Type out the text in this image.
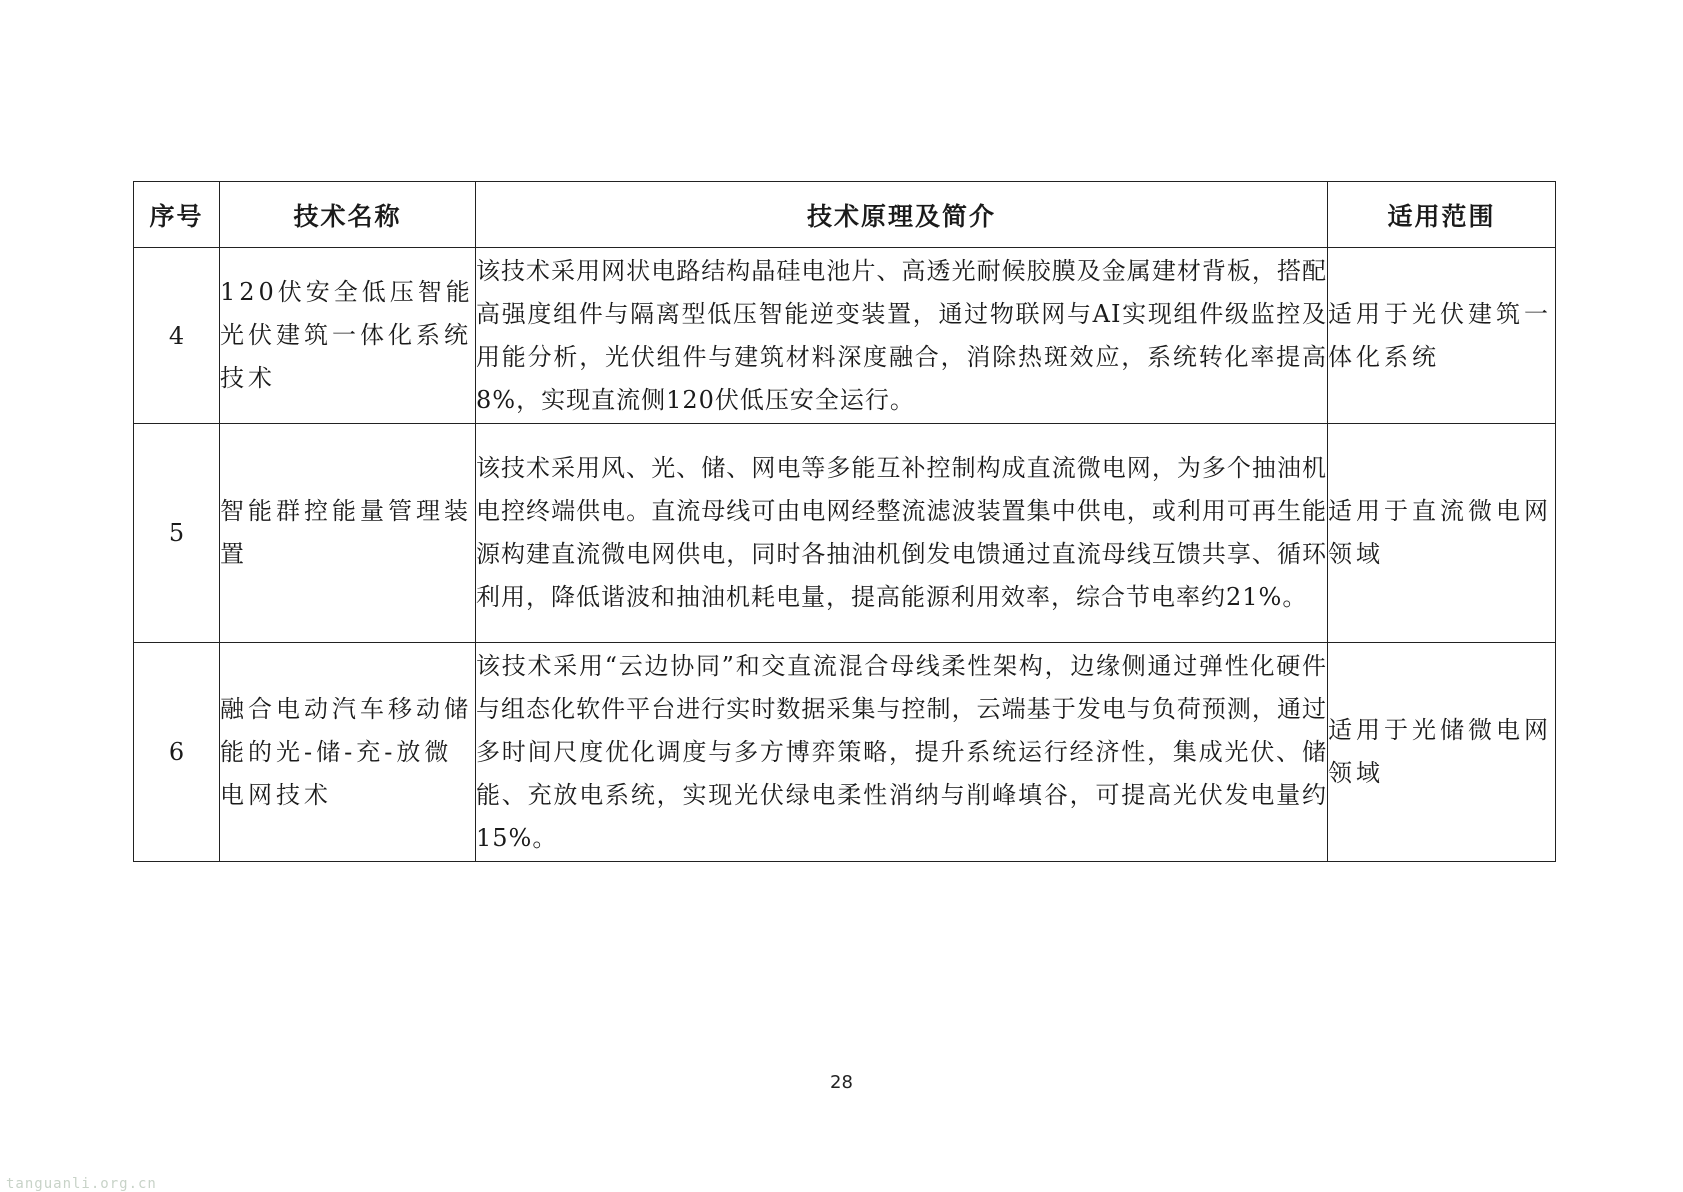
序号	技术名称	技术原理及简介	适用范围
4	120伏安全低压智能光伏建筑一体化系统技术	该技术采用网状电路结构晶硅电池片、高透光耐候胶膜及金属建材背板，搭配高强度组件与隔离型低压智能逆变装置，通过物联网与AI实现组件级监控及用能分析，光伏组件与建筑材料深度融合，消除热斑效应，系统转化率提高8%，实现直流侧120伏低压安全运行。	适用于光伏建筑一体化系统
5	智能群控能量管理装置	该技术采用风、光、储、网电等多能互补控制构成直流微电网，为多个抽油机电控终端供电。直流母线可由电网经整流滤波装置集中供电，或利用可再生能源构建直流微电网供电，同时各抽油机倒发电馈通过直流母线互馈共享、循环利用，降低谐波和抽油机耗电量，提高能源利用效率，综合节电率约21%。	适用于直流微电网领域
6	融合电动汽车移动储能的光-储-充-放微电网技术	该技术采用“云边协同”和交直流混合母线柔性架构，边缘侧通过弹性化硬件与组态化软件平台进行实时数据采集与控制，云端基于发电与负荷预测，通过多时间尺度优化调度与多方博弈策略，提升系统运行经济性，集成光伏、储能、充放电系统，实现光伏绿电柔性消纳与削峰填谷，可提高光伏发电量约15%。	适用于光储微电网领域
28
tanguanli.org.cn
